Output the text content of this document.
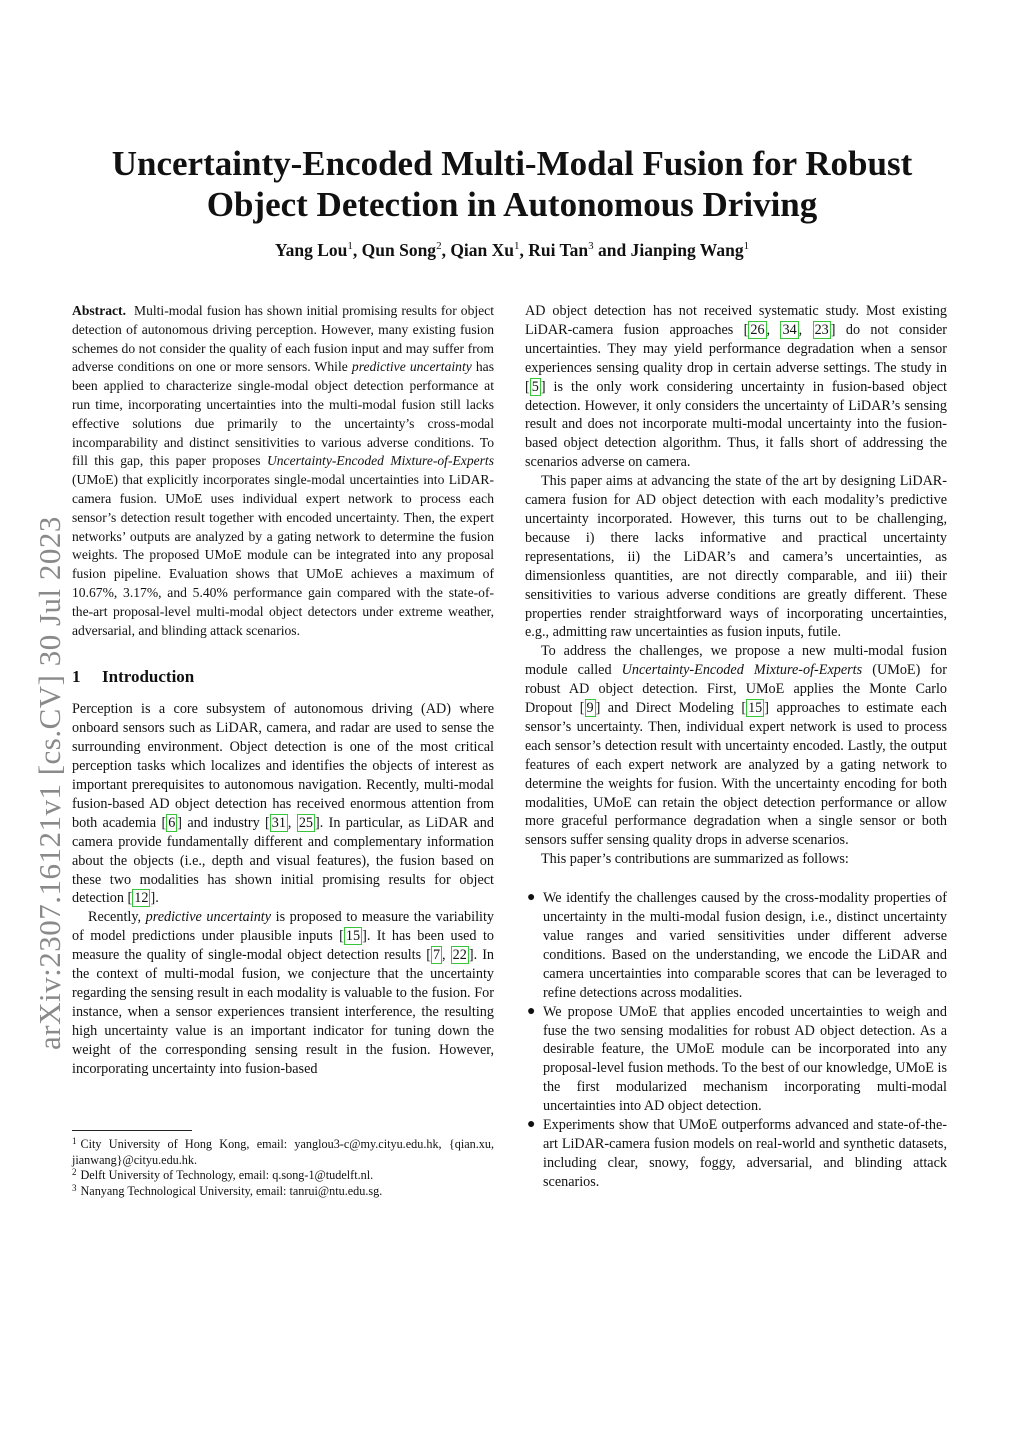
Uncertainty-Encoded Multi-Modal Fusion for Robust
Object Detection in Autonomous Driving
Yang Lou$^1$, Qun Song$^2$, Qian Xu$^1$, Rui Tan$^3$ and Jianping Wang$^1$
arXiv:2307.16121v1 [cs.CV] 30 Jul 2023

Abstract. Multi-modal fusion has shown initial promising results for object detection of autonomous driving perception. However, many existing fusion schemes do not consider the quality of each fusion input and may suffer from adverse conditions on one or more sensors. While predictive uncertainty has been applied to characterize single-modal object detection performance at run time, incorporating uncertainties into the multi-modal fusion still lacks effective solutions due primarily to the uncertainty’s cross-modal incomparability and distinct sensitivities to various adverse conditions. To fill this gap, this paper proposes Uncertainty-Encoded Mixture-of-Experts (UMoE) that explicitly incorporates single-modal uncertainties into LiDAR-camera fusion. UMoE uses individual expert network to process each sensor’s detection result together with encoded uncertainty. Then, the expert networks’ outputs are analyzed by a gating network to determine the fusion weights. The proposed UMoE module can be integrated into any proposal fusion pipeline. Evaluation shows that UMoE achieves a maximum of 10.67%, 3.17%, and 5.40% performance gain compared with the state-of-the-art proposal-level multi-modal object detectors under extreme weather, adversarial, and blinding attack scenarios.

1 Introduction

Perception is a core subsystem of autonomous driving (AD) where onboard sensors such as LiDAR, camera, and radar are used to sense the surrounding environment. Object detection is one of the most critical perception tasks which localizes and identifies the objects of interest as important prerequisites to autonomous navigation. Recently, multi-modal fusion-based AD object detection has received enormous attention from both academia [ 6 ] and industry [ 31 , 25 ]. In particular, as LiDAR and camera provide fundamentally different and complementary information about the objects (i.e., depth and visual features), the fusion based on these two modalities has shown initial promising results for object detection [ 12 ].

Recently, predictive uncertainty is proposed to measure the variability of model predictions under plausible inputs [ 15 ]. It has been used to measure the quality of single-modal object detection results [ 7 , 22 ]. In the context of multi-modal fusion, we conjecture that the uncertainty regarding the sensing result in each modality is valuable to the fusion. For instance, when a sensor experiences transient interference, the resulting high uncertainty value is an important indicator for tuning down the weight of the corresponding sensing result in the fusion. However, incorporating uncertainty into fusion-based

$^1$ City University of Hong Kong, email: yanglou3-c@my.cityu.edu.hk, {qian.xu, jianwang}@cityu.edu.hk.
$^2$ Delft University of Technology, email: q.song-1@tudelft.nl.
$^3$ Nanyang Technological University, email: tanrui@ntu.edu.sg.

AD object detection has not received systematic study. Most existing LiDAR-camera fusion approaches [ 26 , 34 , 23 ] do not consider uncertainties. They may yield performance degradation when a sensor experiences sensing quality drop in certain adverse settings. The study in [ 5 ] is the only work considering uncertainty in fusion-based object detection. However, it only considers the uncertainty of LiDAR’s sensing result and does not incorporate multi-modal uncertainty into the fusion-based object detection algorithm. Thus, it falls short of addressing the scenarios adverse on camera.

This paper aims at advancing the state of the art by designing LiDAR-camera fusion for AD object detection with each modality’s predictive uncertainty incorporated. However, this turns out to be challenging, because i) there lacks informative and practical uncertainty representations, ii) the LiDAR’s and camera’s uncertainties, as dimensionless quantities, are not directly comparable, and iii) their sensitivities to various adverse conditions are greatly different. These properties render straightforward ways of incorporating uncertainties, e.g., admitting raw uncertainties as fusion inputs, futile.

To address the challenges, we propose a new multi-modal fusion module called Uncertainty-Encoded Mixture-of-Experts (UMoE) for robust AD object detection. First, UMoE applies the Monte Carlo Dropout [ 9 ] and Direct Modeling [ 15 ] approaches to estimate each sensor’s uncertainty. Then, individual expert network is used to process each sensor’s detection result with uncertainty encoded. Lastly, the output features of each expert network are analyzed by a gating network to determine the weights for fusion. With the uncertainty encoding for both modalities, UMoE can retain the object detection performance or allow more graceful performance degradation when a single sensor or both sensors suffer sensing quality drops in adverse scenarios.

This paper’s contributions are summarized as follows:

● We identify the challenges caused by the cross-modality properties of uncertainty in the multi-modal fusion design, i.e., distinct uncertainty value ranges and varied sensitivities under different adverse conditions. Based on the understanding, we encode the LiDAR and camera uncertainties into comparable scores that can be leveraged to refine detections across modalities.
● We propose UMoE that applies encoded uncertainties to weigh and fuse the two sensing modalities for robust AD object detection. As a desirable feature, the UMoE module can be incorporated into any proposal-level fusion methods. To the best of our knowledge, UMoE is the first modularized mechanism incorporating multi-modal uncertainties into AD object detection.
● Experiments show that UMoE outperforms advanced and state-of-the-art LiDAR-camera fusion models on real-world and synthetic datasets, including clear, snowy, foggy, adversarial, and blinding attack scenarios.
